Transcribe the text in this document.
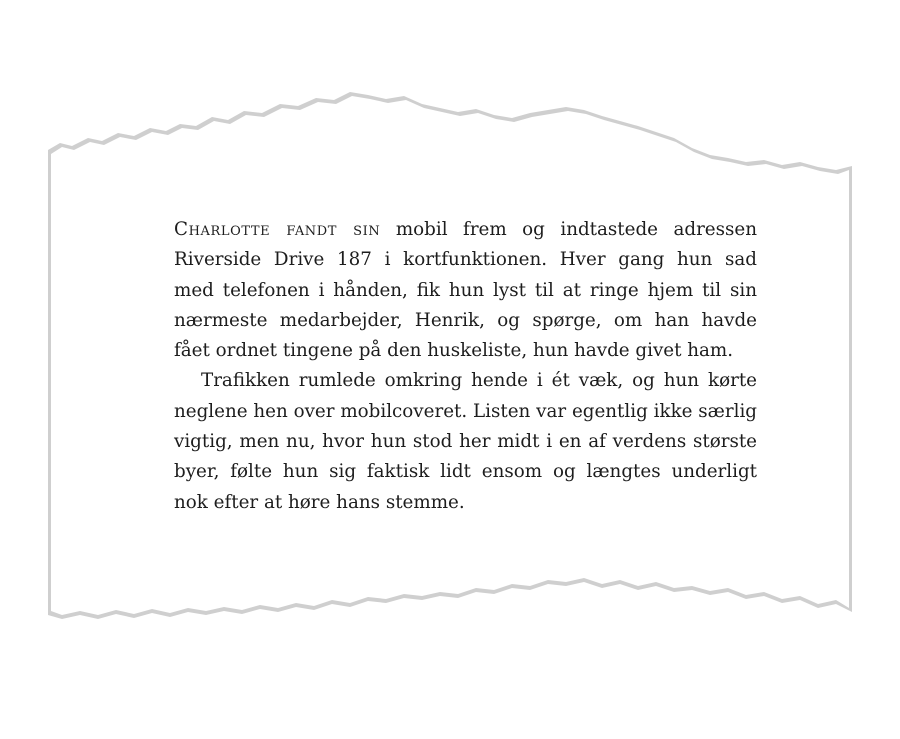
Charlotte fandt sin mobil frem og indtastede adressen
Riverside Drive 187 i kortfunktionen. Hver gang hun sad
med telefonen i hånden, fik hun lyst til at ringe hjem til sin
nærmeste medarbejder, Henrik, og spørge, om han havde
fået ordnet tingene på den huskeliste, hun havde givet ham.
Trafikken rumlede omkring hende i ét væk, og hun kørte
neglene hen over mobilcoveret. Listen var egentlig ikke særlig
vigtig, men nu, hvor hun stod her midt i en af verdens største
byer, følte hun sig faktisk lidt ensom og længtes underligt
nok efter at høre hans stemme.
